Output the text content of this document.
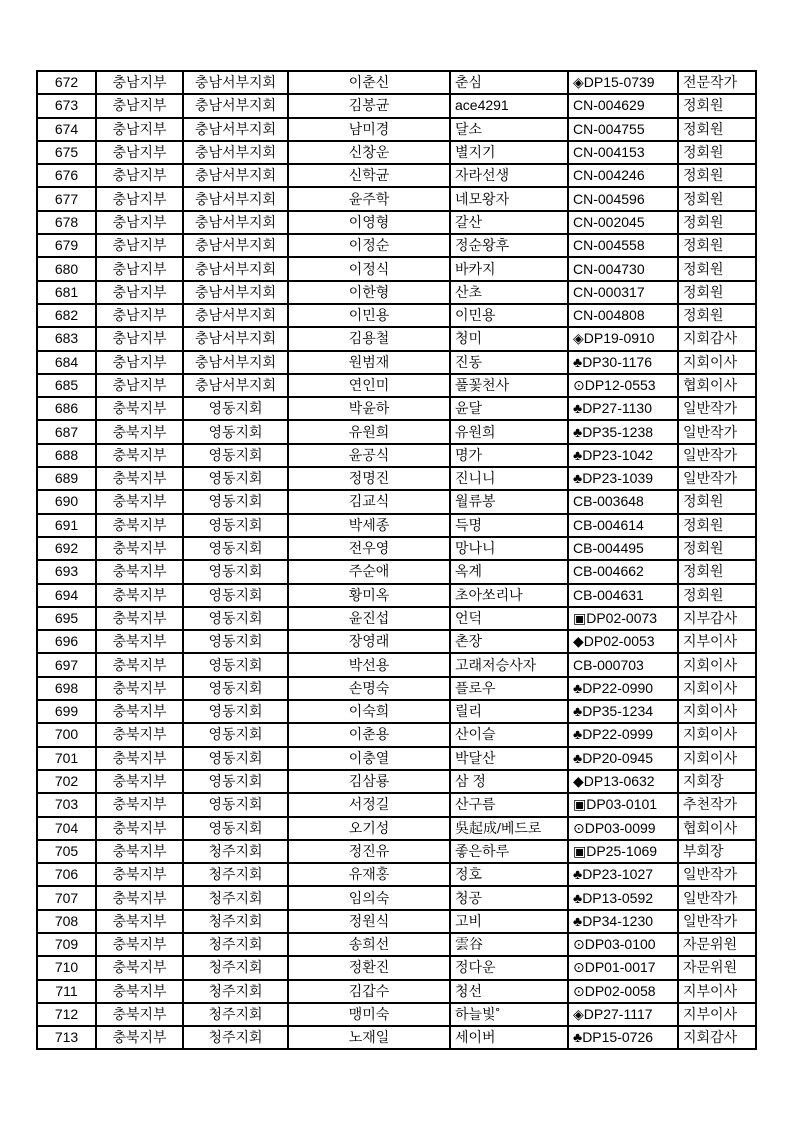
672	충남지부	충남서부지회	이춘신	춘심	◈DP15-0739	전문작가
673	충남지부	충남서부지회	김봉균	ace4291	CN-004629	정회원
674	충남지부	충남서부지회	남미경	달소	CN-004755	정회원
675	충남지부	충남서부지회	신창운	별지기	CN-004153	정회원
676	충남지부	충남서부지회	신학균	자라선생	CN-004246	정회원
677	충남지부	충남서부지회	윤주학	네모왕자	CN-004596	정회원
678	충남지부	충남서부지회	이영형	갈산	CN-002045	정회원
679	충남지부	충남서부지회	이정순	정순왕후	CN-004558	정회원
680	충남지부	충남서부지회	이정식	바카지	CN-004730	정회원
681	충남지부	충남서부지회	이한형	산초	CN-000317	정회원
682	충남지부	충남서부지회	이민용	이민용	CN-004808	정회원
683	충남지부	충남서부지회	김용철	청미	◈DP19-0910	지회감사
684	충남지부	충남서부지회	원범재	진동	♣DP30-1176	지회이사
685	충남지부	충남서부지회	연인미	풀꽃천사	⊙DP12-0553	협회이사
686	충북지부	영동지회	박윤하	윤달	♣DP27-1130	일반작가
687	충북지부	영동지회	유원희	유원희	♣DP35-1238	일반작가
688	충북지부	영동지회	윤공식	명가	♣DP23-1042	일반작가
689	충북지부	영동지회	정명진	진니니	♣DP23-1039	일반작가
690	충북지부	영동지회	김교식	월류봉	CB-003648	정회원
691	충북지부	영동지회	박세종	득명	CB-004614	정회원
692	충북지부	영동지회	전우영	망나니	CB-004495	정회원
693	충북지부	영동지회	주순애	옥계	CB-004662	정회원
694	충북지부	영동지회	황미옥	초아쏘리나	CB-004631	정회원
695	충북지부	영동지회	윤진섭	언덕	▣DP02-0073	지부감사
696	충북지부	영동지회	장영래	촌장	◆DP02-0053	지부이사
697	충북지부	영동지회	박선용	고래저승사자	CB-000703	지회이사
698	충북지부	영동지회	손명숙	플로우	♣DP22-0990	지회이사
699	충북지부	영동지회	이숙희	릴리	♣DP35-1234	지회이사
700	충북지부	영동지회	이춘용	산이슬	♣DP22-0999	지회이사
701	충북지부	영동지회	이충열	박달산	♣DP20-0945	지회이사
702	충북지부	영동지회	김삼룡	삼 정	◆DP13-0632	지회장
703	충북지부	영동지회	서정길	산구름	▣DP03-0101	추천작가
704	충북지부	영동지회	오기성	吳起成/베드로	⊙DP03-0099	협회이사
705	충북지부	청주지회	정진유	좋은하루	▣DP25-1069	부회장
706	충북지부	청주지회	유재홍	정호	♣DP23-1027	일반작가
707	충북지부	청주지회	임의숙	청공	♣DP13-0592	일반작가
708	충북지부	청주지회	정원식	고비	♣DP34-1230	일반작가
709	충북지부	청주지회	송희선	雲谷	⊙DP03-0100	자문위원
710	충북지부	청주지회	정환진	정다운	⊙DP01-0017	자문위원
711	충북지부	청주지회	김갑수	청선	⊙DP02-0058	지부이사
712	충북지부	청주지회	맹미숙	하늘빛˚	◈DP27-1117	지부이사
713	충북지부	청주지회	노재일	세이버	♣DP15-0726	지회감사
